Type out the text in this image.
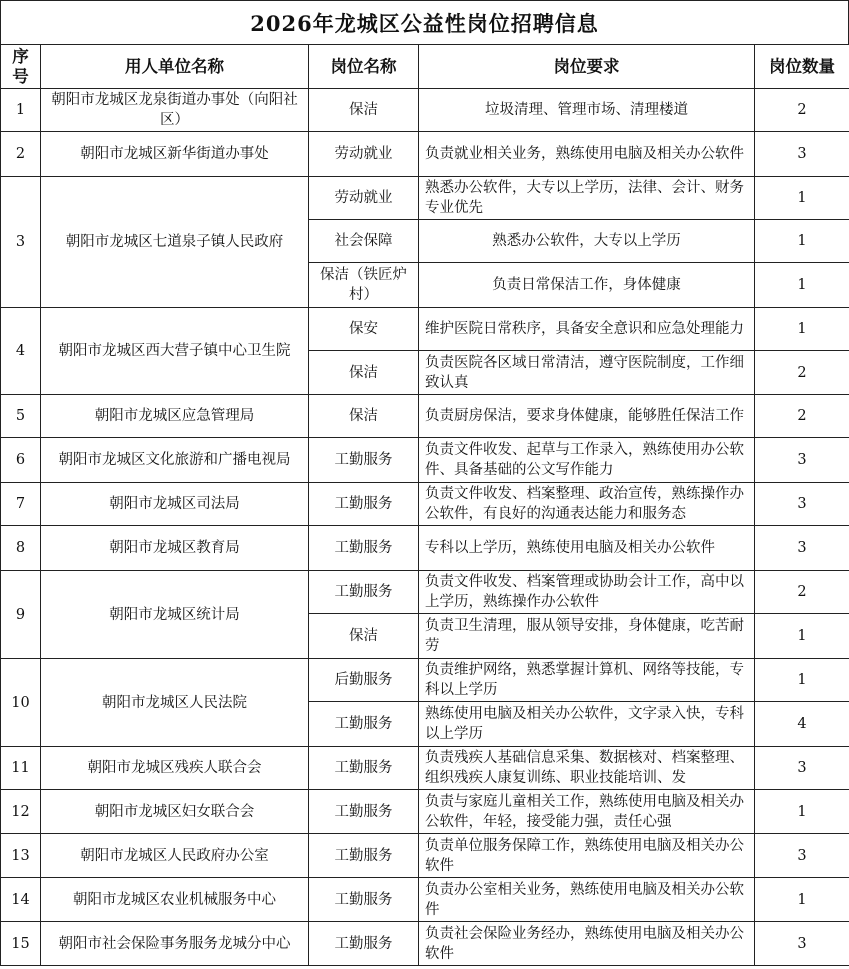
2026年龙城区公益性岗位招聘信息
序号	用人单位名称	岗位名称	岗位要求	岗位数量
1	朝阳市龙城区龙泉街道办事处（向阳社区）	保洁	垃圾清理、管理市场、清理楼道	2
2	朝阳市龙城区新华街道办事处	劳动就业	负责就业相关业务，熟练使用电脑及相关办公软件	3
3	朝阳市龙城区七道泉子镇人民政府	劳动就业	熟悉办公软件，大专以上学历，法律、会计、财务专业优先	1
		社会保障	熟悉办公软件，大专以上学历	1
		保洁（铁匠炉村）	负责日常保洁工作，身体健康	1
4	朝阳市龙城区西大营子镇中心卫生院	保安	维护医院日常秩序，具备安全意识和应急处理能力	1
		保洁	负责医院各区域日常清洁，遵守医院制度，工作细致认真	2
5	朝阳市龙城区应急管理局	保洁	负责厨房保洁，要求身体健康，能够胜任保洁工作	2
6	朝阳市龙城区文化旅游和广播电视局	工勤服务	负责文件收发、起草与工作录入，熟练使用办公软件、具备基础的公文写作能力	3
7	朝阳市龙城区司法局	工勤服务	负责文件收发、档案整理、政治宣传，熟练操作办公软件，有良好的沟通表达能力和服务态	3
8	朝阳市龙城区教育局	工勤服务	专科以上学历，熟练使用电脑及相关办公软件	3
9	朝阳市龙城区统计局	工勤服务	负责文件收发、档案管理或协助会计工作，高中以上学历，熟练操作办公软件	2
		保洁	负责卫生清理，服从领导安排，身体健康，吃苦耐劳	1
10	朝阳市龙城区人民法院	后勤服务	负责维护网络，熟悉掌握计算机、网络等技能，专科以上学历	1
		工勤服务	熟练使用电脑及相关办公软件，文字录入快，专科以上学历	4
11	朝阳市龙城区残疾人联合会	工勤服务	负责残疾人基础信息采集、数据核对、档案整理、组织残疾人康复训练、职业技能培训、发	3
12	朝阳市龙城区妇女联合会	工勤服务	负责与家庭儿童相关工作，熟练使用电脑及相关办公软件，年轻，接受能力强，责任心强	1
13	朝阳市龙城区人民政府办公室	工勤服务	负责单位服务保障工作，熟练使用电脑及相关办公软件	3
14	朝阳市龙城区农业机械服务中心	工勤服务	负责办公室相关业务，熟练使用电脑及相关办公软件	1
15	朝阳市社会保险事务服务龙城分中心	工勤服务	负责社会保险业务经办，熟练使用电脑及相关办公软件	3
